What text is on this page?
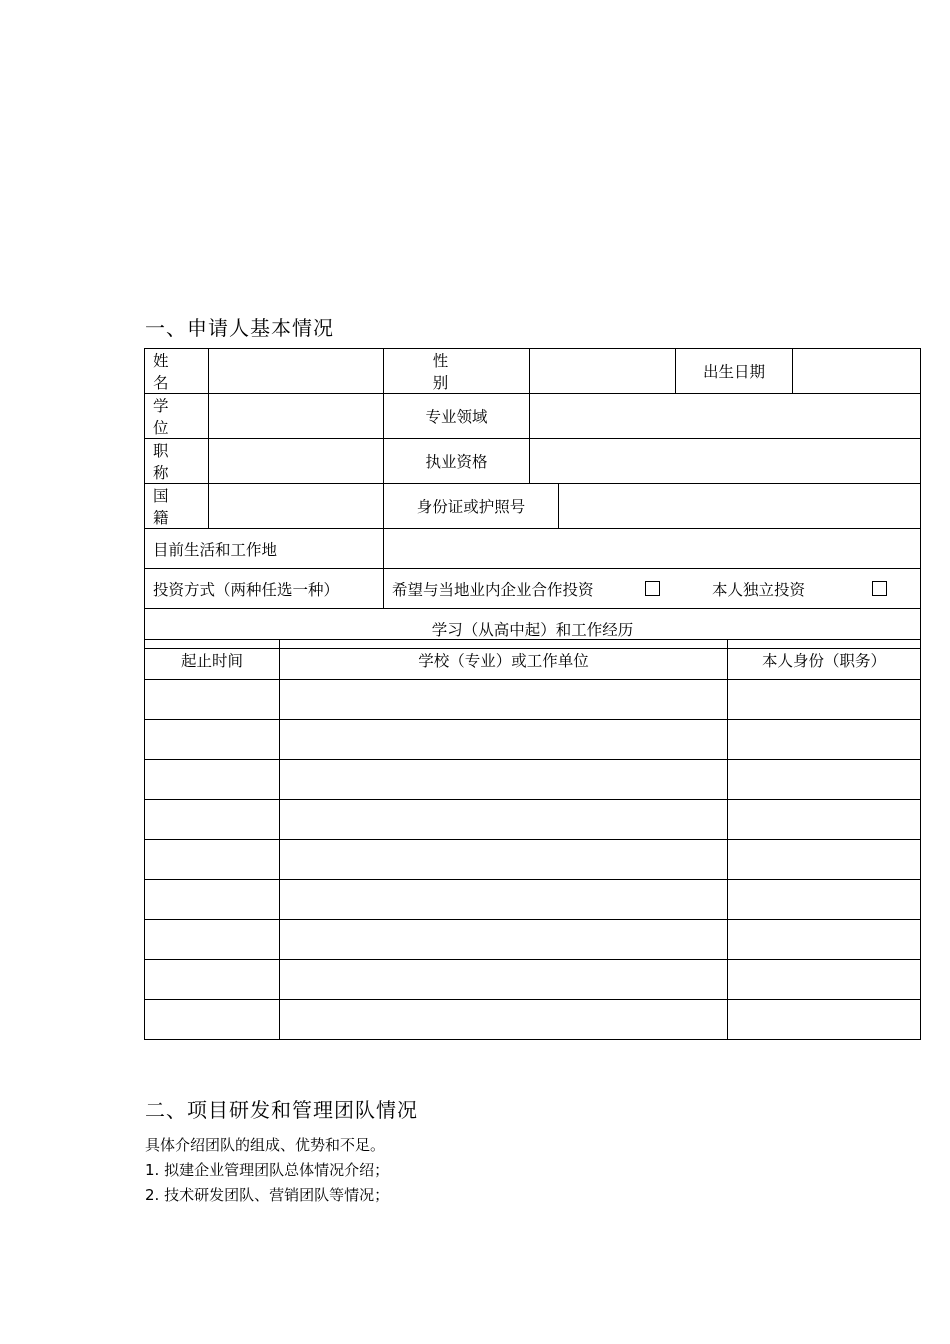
一、申请人基本情况
姓 名		性 别			出生日期	
学 位		专业领域				
职 称		执业资格				
国 籍		身份证或护照号				
目前生活和工作地						
投资方式（两种任选一种）		希望与当地业内企业合作投资 本人独立投资				

学习（从高中起）和工作经历						
起止时间	学校（专业）或工作单位	本人身份（职务）

二、项目研发和管理团队情况
具体介绍团队的组成、优势和不足。
1. 拟建企业管理团队总体情况介绍；
2. 技术研发团队、营销团队等情况；
